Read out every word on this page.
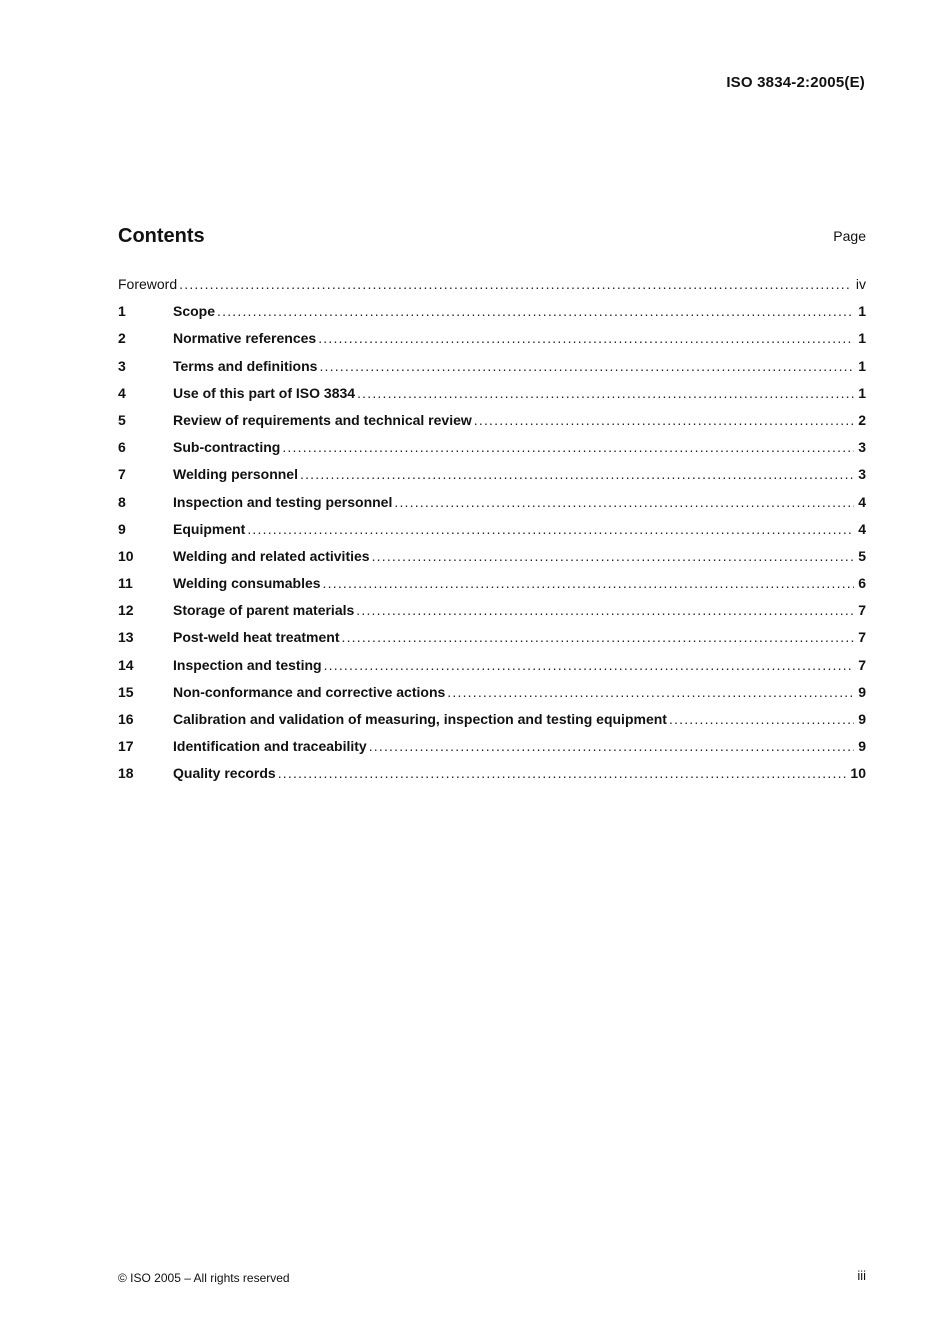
ISO 3834-2:2005(E)
Contents	Page
Foreword .....	iv
1	Scope .....	1
2	Normative references .....	1
3	Terms and definitions .....	1
4	Use of this part of ISO 3834 .....	1
5	Review of requirements and technical review .....	2
6	Sub-contracting .....	3
7	Welding personnel .....	3
8	Inspection and testing personnel .....	4
9	Equipment .....	4
10	Welding and related activities .....	5
11	Welding consumables .....	6
12	Storage of parent materials .....	7
13	Post-weld heat treatment .....	7
14	Inspection and testing .....	7
15	Non-conformance and corrective actions .....	9
16	Calibration and validation of measuring, inspection and testing equipment .....	9
17	Identification and traceability .....	9
18	Quality records .....	10
© ISO 2005 – All rights reserved	iii
